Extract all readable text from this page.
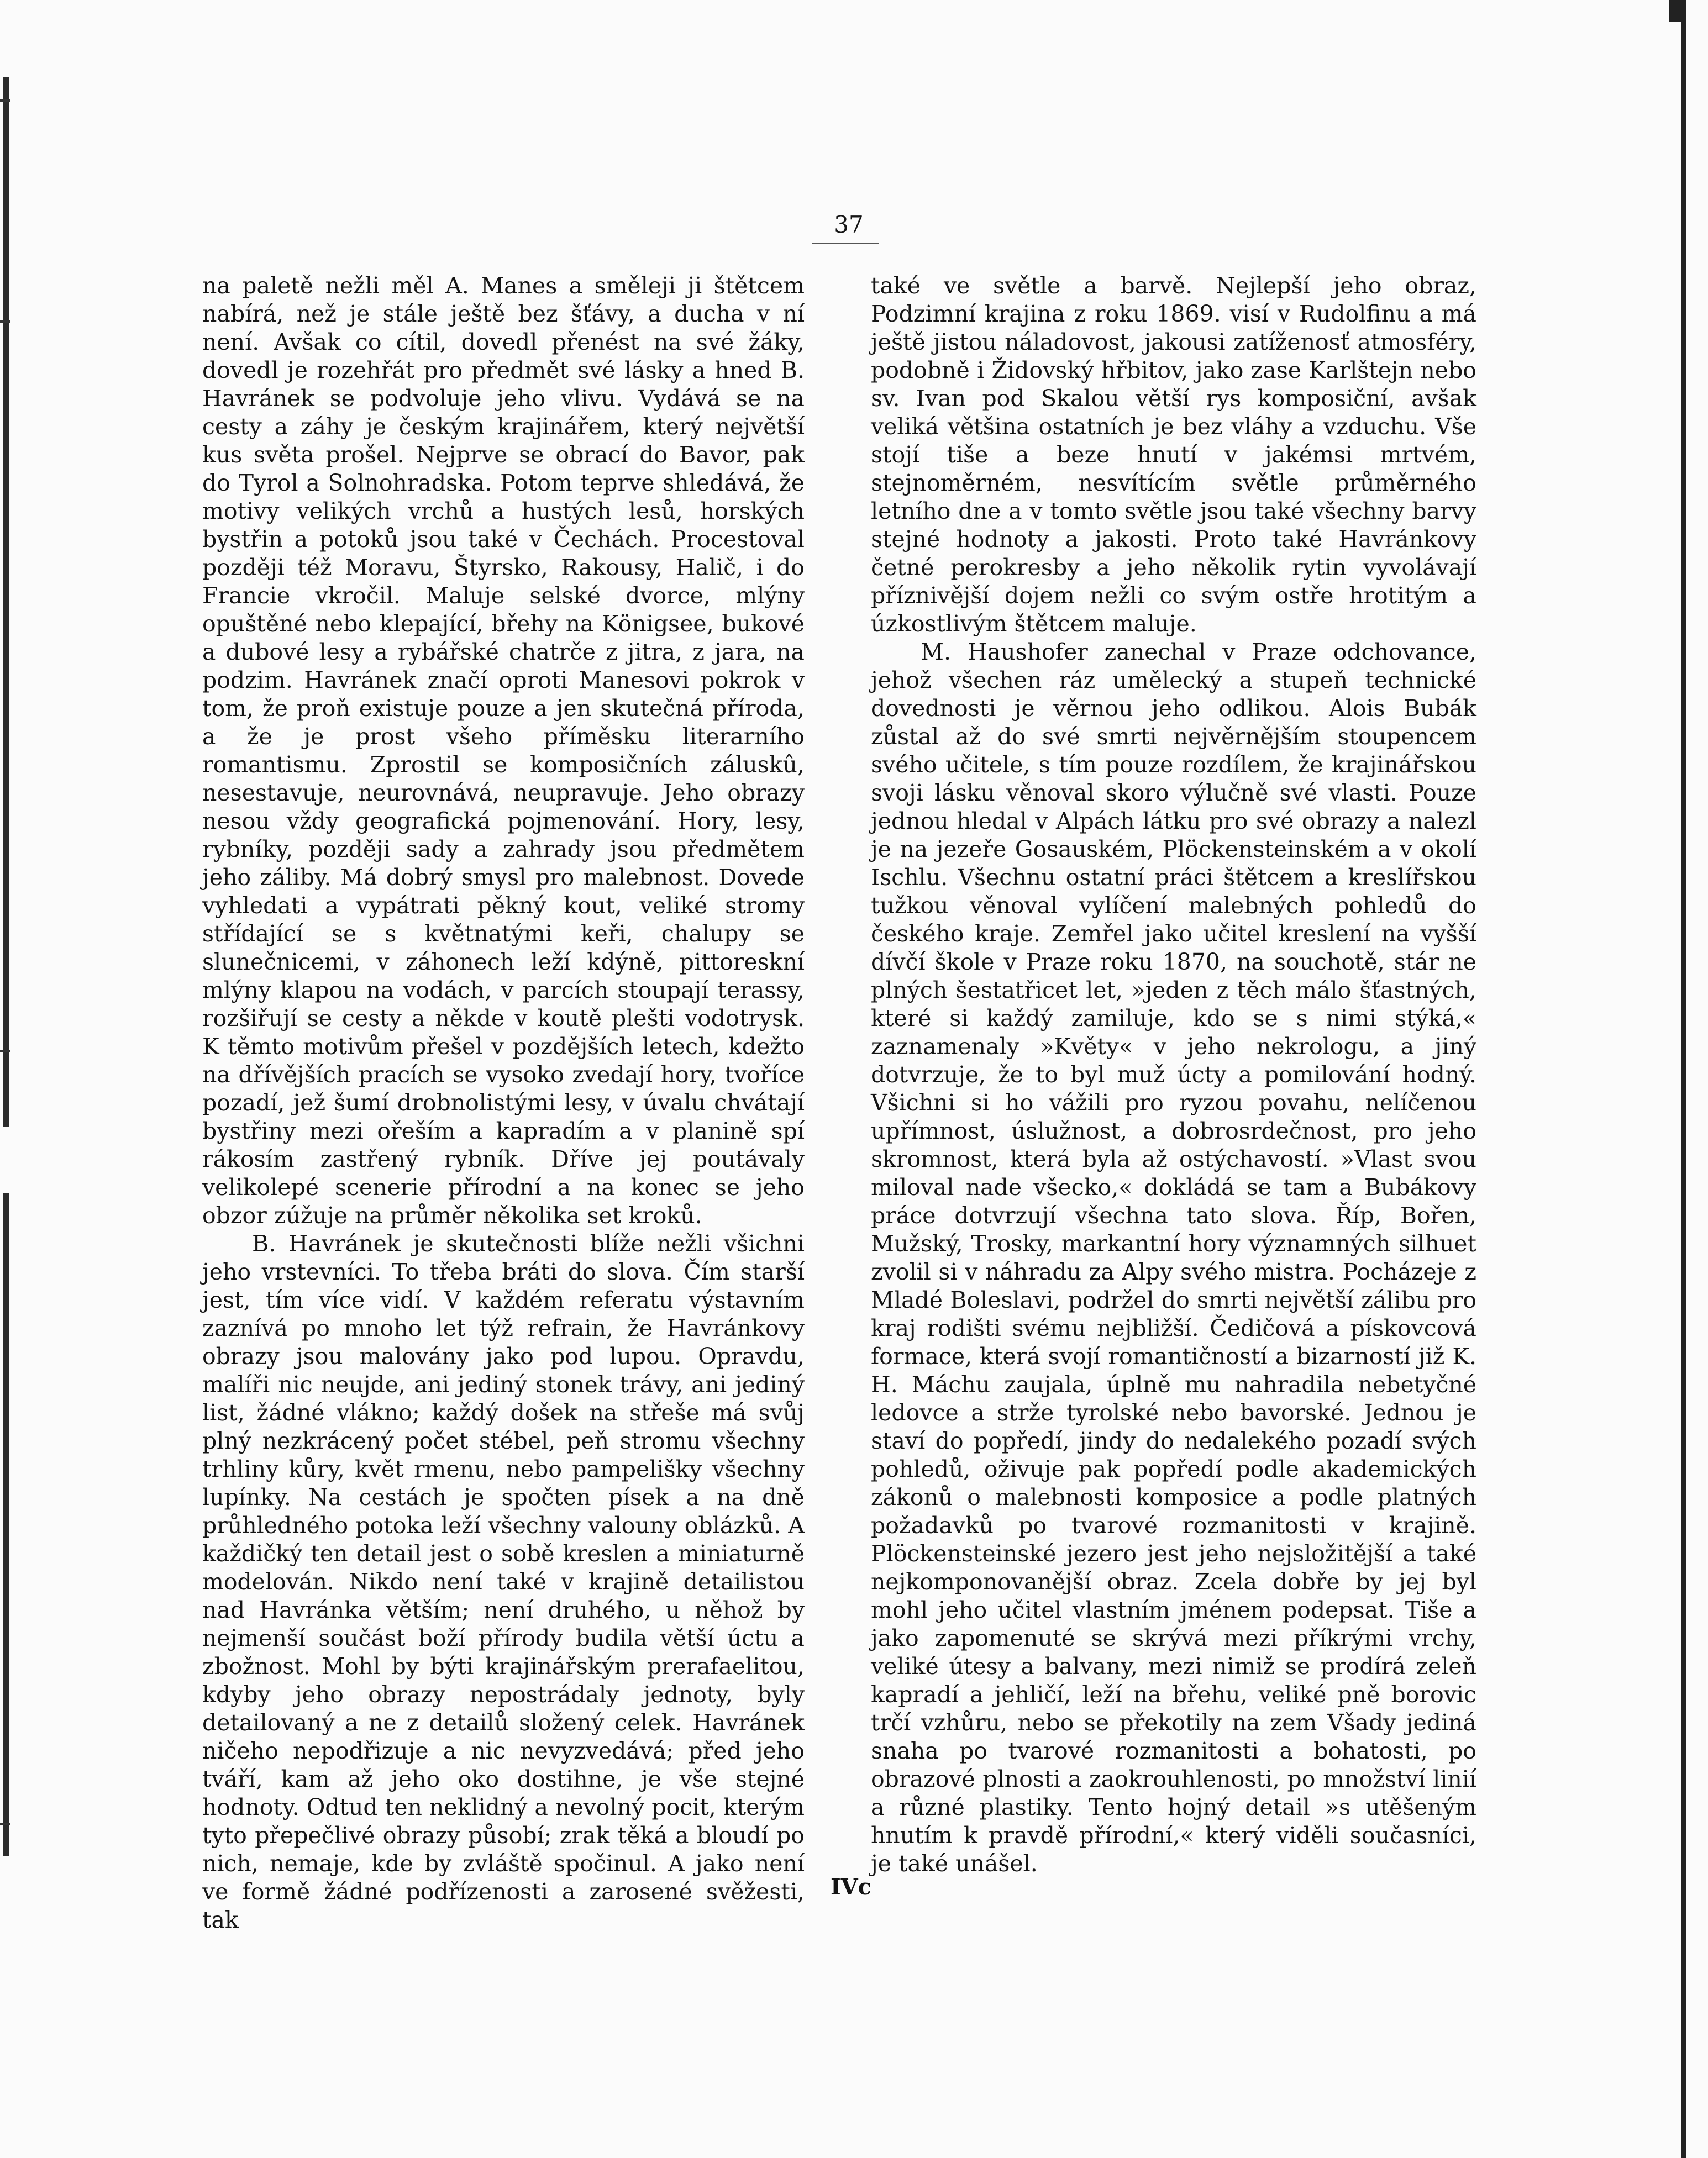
37

na paletě nežli měl A. Manes a směleji ji štětcem nabírá, než je stále ještě bez šťávy, a ducha v ní není. Avšak co cítil, dovedl přenést na své žáky, dovedl je rozehřát pro předmět své lásky a hned B. Havránek se podvoluje jeho vlivu. Vydává se na cesty a záhy je českým krajinářem, který největší kus světa prošel. Nejprve se obrací do Bavor, pak do Tyrol a Solnohradska. Potom teprve shledává, že motivy velikých vrchů a hustých lesů, horských bystřin a potoků jsou také v Čechách. Procestoval později též Moravu, Štyrsko, Rakousy, Halič, i do Francie vkročil. Maluje selské dvorce, mlýny opuštěné nebo klepající, břehy na Königsee, bukové a dubové lesy a rybářské chatrče z jitra, z jara, na podzim. Havránek značí oproti Manesovi pokrok v tom, že proň existuje pouze a jen skutečná příroda, a že je prost všeho příměsku literarního romantismu. Zprostil se komposičních záluskû, nesestavuje, neurovnává, neupravuje. Jeho obrazy nesou vždy geografická pojmenování. Hory, lesy, rybníky, později sady a zahrady jsou předmětem jeho záliby. Má dobrý smysl pro malebnost. Dovede vyhledati a vypátrati pěkný kout, veliké stromy střídající se s květnatými keři, chalupy se slunečnicemi, v záhonech leží kdýně, pittoreskní mlýny klapou na vodách, v parcích stoupají terassy, rozšiřují se cesty a někde v koutě plešti vodotrysk. K těmto motivům přešel v pozdějších letech, kdežto na dřívějších pracích se vysoko zvedají hory, tvoříce pozadí, jež šumí drobnolistými lesy, v úvalu chvátají bystřiny mezi ořeším a kapradím a v planině spí rákosím zastřený rybník. Dříve jej poutávaly velikolepé scenerie přírodní a na konec se jeho obzor zúžuje na průměr několika set kroků.

B. Havránek je skutečnosti blíže nežli všichni jeho vrstevníci. To třeba bráti do slova. Čím starší jest, tím více vidí. V každém referatu výstavním zaznívá po mnoho let týž refrain, že Havránkovy obrazy jsou malovány jako pod lupou. Opravdu, malíři nic neujde, ani jediný stonek trávy, ani jediný list, žádné vlákno; každý došek na střeše má svůj plný nezkrácený počet stébel, peň stromu všechny trhliny kůry, květ rmenu, nebo pampelišky všechny lupínky. Na cestách je spočten písek a na dně průhledného potoka leží všechny valouny oblázků. A každičký ten detail jest o sobě kreslen a miniaturně modelován. Nikdo není také v krajině detailistou nad Havránka větším; není druhého, u něhož by nejmenší součást boží přírody budila větší úctu a zbožnost. Mohl by býti krajinářským prerafaelitou, kdyby jeho obrazy nepostrádaly jednoty, byly detailovaný a ne z detailů složený celek. Havránek ničeho nepodřizuje a nic nevyzvedává; před jeho tváří, kam až jeho oko dostihne, je vše stejné hodnoty. Odtud ten neklidný a nevolný pocit, kterým tyto přepečlivé obrazy působí; zrak těká a bloudí po nich, nemaje, kde by zvláště spočinul. A jako není ve formě žádné podřízenosti a zarosené svěžesti, tak

také ve světle a barvě. Nejlepší jeho obraz, Podzimní krajina z roku 1869. visí v Rudolfinu a má ještě jistou náladovost, jakousi zatíženosť atmosféry, podobně i Židovský hřbitov, jako zase Karlštejn nebo sv. Ivan pod Skalou větší rys komposiční, avšak veliká většina ostatních je bez vláhy a vzduchu. Vše stojí tiše a beze hnutí v jakémsi mrtvém, stejnoměrném, nesvítícím světle průměrného letního dne a v tomto světle jsou také všechny barvy stejné hodnoty a jakosti. Proto také Havránkovy četné perokresby a jeho několik rytin vyvolávají příznivější dojem nežli co svým ostře hrotitým a úzkostlivým štětcem maluje.

M. Haushofer zanechal v Praze odchovance, jehož všechen ráz umělecký a stupeň technické dovednosti je věrnou jeho odlikou. Alois Bubák zůstal až do své smrti nejvěrnějším stoupencem svého učitele, s tím pouze rozdílem, že krajinářskou svoji lásku věnoval skoro výlučně své vlasti. Pouze jednou hledal v Alpách látku pro své obrazy a nalezl je na jezeře Gosauském, Plöckensteinském a v okolí Ischlu. Všechnu ostatní práci štětcem a kreslířskou tužkou věnoval vylíčení malebných pohledů do českého kraje. Zemřel jako učitel kreslení na vyšší dívčí škole v Praze roku 1870, na souchotě, stár ne plných šestatřicet let, »jeden z těch málo šťastných, které si každý zamiluje, kdo se s nimi stýká,« zaznamenaly »Květy« v jeho nekrologu, a jiný dotvrzuje, že to byl muž úcty a pomilování hodný. Všichni si ho vážili pro ryzou povahu, nelíčenou upřímnost, úslužnost, a dobrosrdečnost, pro jeho skromnost, která byla až ostýchavostí. »Vlast svou miloval nade všecko,« dokládá se tam a Bubákovy práce dotvrzují všechna tato slova. Říp, Bořen, Mužský, Trosky, markantní hory významných silhuet zvolil si v náhradu za Alpy svého mistra. Pocházeje z Mladé Boleslavi, podržel do smrti největší zálibu pro kraj rodišti svému nejbližší. Čedičová a pískovcová formace, která svojí romantičností a bizarností již K. H. Máchu zaujala, úplně mu nahradila nebetyčné ledovce a strže tyrolské nebo bavorské. Jednou je staví do popředí, jindy do nedalekého pozadí svých pohledů, oživuje pak popředí podle akademických zákonů o malebnosti komposice a podle platných požadavků po tvarové rozmanitosti v krajině. Plöckensteinské jezero jest jeho nejsložitější a také nejkomponovanější obraz. Zcela dobře by jej byl mohl jeho učitel vlastním jménem podepsat. Tiše a jako zapomenuté se skrývá mezi příkrými vrchy, veliké útesy a balvany, mezi nimiž se prodírá zeleň kapradí a jehličí, leží na břehu, veliké pně borovic trčí vzhůru, nebo se překotily na zem Všady jediná snaha po tvarové rozmanitosti a bohatosti, po obrazové plnosti a zaokrouhlenosti, po množství linií a různé plastiky. Tento hojný detail »s utěšeným hnutím k pravdě přírodní,« který viděli současníci, je také unášel.

IVc
